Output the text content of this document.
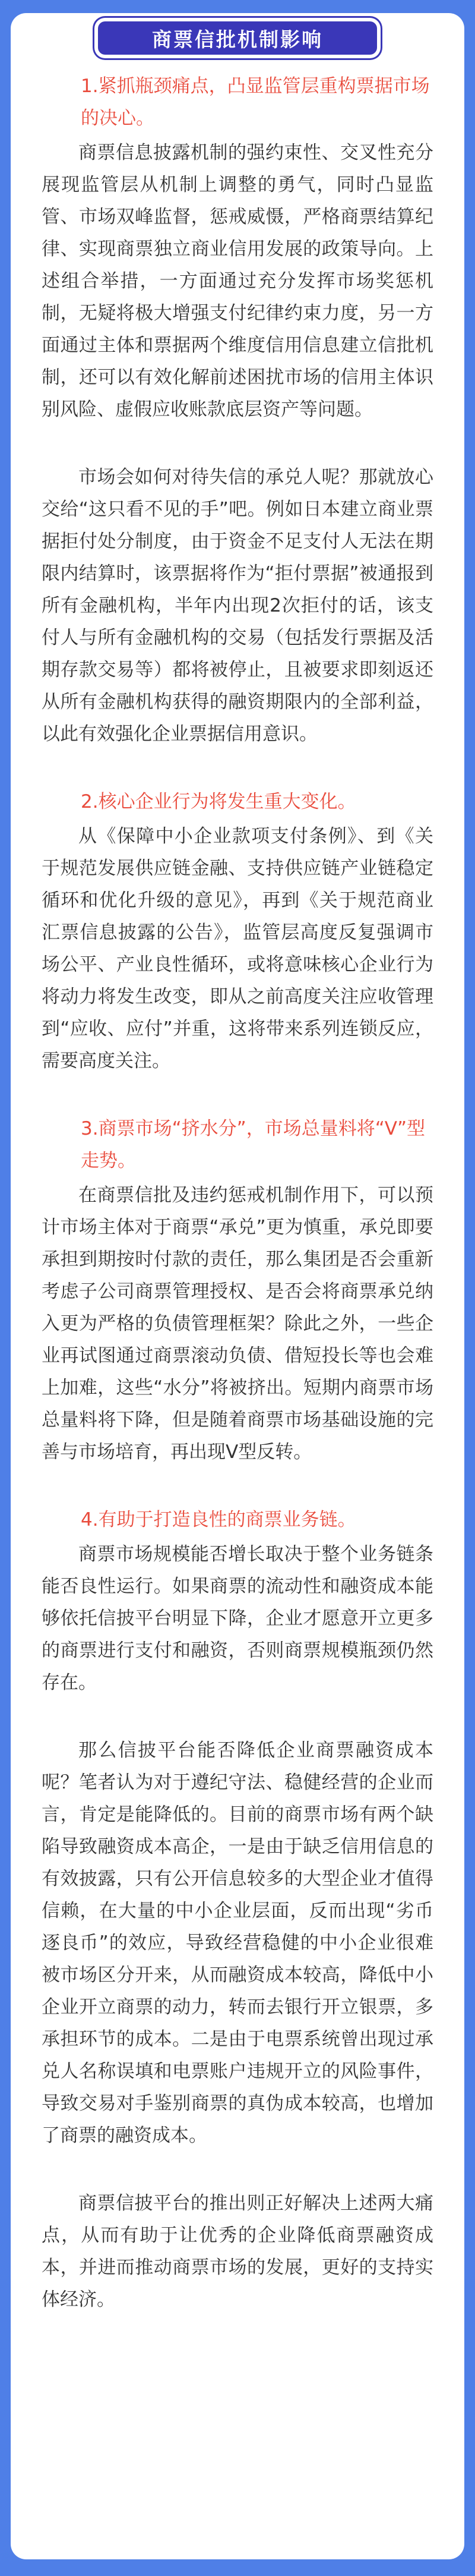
商票信批机制影响

1.紧抓瓶颈痛点，凸显监管层重构票据市场的决心。

商票信息披露机制的强约束性、交叉性充分展现监管层从机制上调整的勇气，同时凸显监管、市场双峰监督，惩戒威慑，严格商票结算纪律、实现商票独立商业信用发展的政策导向。上述组合举措，一方面通过充分发挥市场奖惩机制，无疑将极大增强支付纪律约束力度，另一方面通过主体和票据两个维度信用信息建立信批机制，还可以有效化解前述困扰市场的信用主体识别风险、虚假应收账款底层资产等问题。

市场会如何对待失信的承兑人呢？那就放心交给“这只看不见的手”吧。例如日本建立商业票据拒付处分制度，由于资金不足支付人无法在期限内结算时，该票据将作为“拒付票据”被通报到所有金融机构，半年内出现2次拒付的话，该支付人与所有金融机构的交易（包括发行票据及活期存款交易等）都将被停止，且被要求即刻返还从所有金融机构获得的融资期限内的全部利益，以此有效强化企业票据信用意识。

2.核心企业行为将发生重大变化。

从《保障中小企业款项支付条例》、到《关于规范发展供应链金融、支持供应链产业链稳定循环和优化升级的意见》，再到《关于规范商业汇票信息披露的公告》，监管层高度反复强调市场公平、产业良性循环，或将意味核心企业行为将动力将发生改变，即从之前高度关注应收管理到“应收、应付”并重，这将带来系列连锁反应，需要高度关注。

3.商票市场“挤水分”，市场总量料将“V”型走势。

在商票信批及违约惩戒机制作用下，可以预计市场主体对于商票“承兑”更为慎重，承兑即要承担到期按时付款的责任，那么集团是否会重新考虑子公司商票管理授权、是否会将商票承兑纳入更为严格的负债管理框架？除此之外，一些企业再试图通过商票滚动负债、借短投长等也会难上加难，这些“水分”将被挤出。短期内商票市场总量料将下降，但是随着商票市场基础设施的完善与市场培育，再出现V型反转。

4.有助于打造良性的商票业务链。

商票市场规模能否增长取决于整个业务链条能否良性运行。如果商票的流动性和融资成本能够依托信披平台明显下降，企业才愿意开立更多的商票进行支付和融资，否则商票规模瓶颈仍然存在。

那么信披平台能否降低企业商票融资成本呢？笔者认为对于遵纪守法、稳健经营的企业而言，肯定是能降低的。目前的商票市场有两个缺陷导致融资成本高企，一是由于缺乏信用信息的有效披露，只有公开信息较多的大型企业才值得信赖，在大量的中小企业层面，反而出现“劣币逐良币”的效应，导致经营稳健的中小企业很难被市场区分开来，从而融资成本较高，降低中小企业开立商票的动力，转而去银行开立银票，多承担环节的成本。二是由于电票系统曾出现过承兑人名称误填和电票账户违规开立的风险事件，导致交易对手鉴别商票的真伪成本较高，也增加了商票的融资成本。

商票信披平台的推出则正好解决上述两大痛点，从而有助于让优秀的企业降低商票融资成本，并进而推动商票市场的发展，更好的支持实体经济。
